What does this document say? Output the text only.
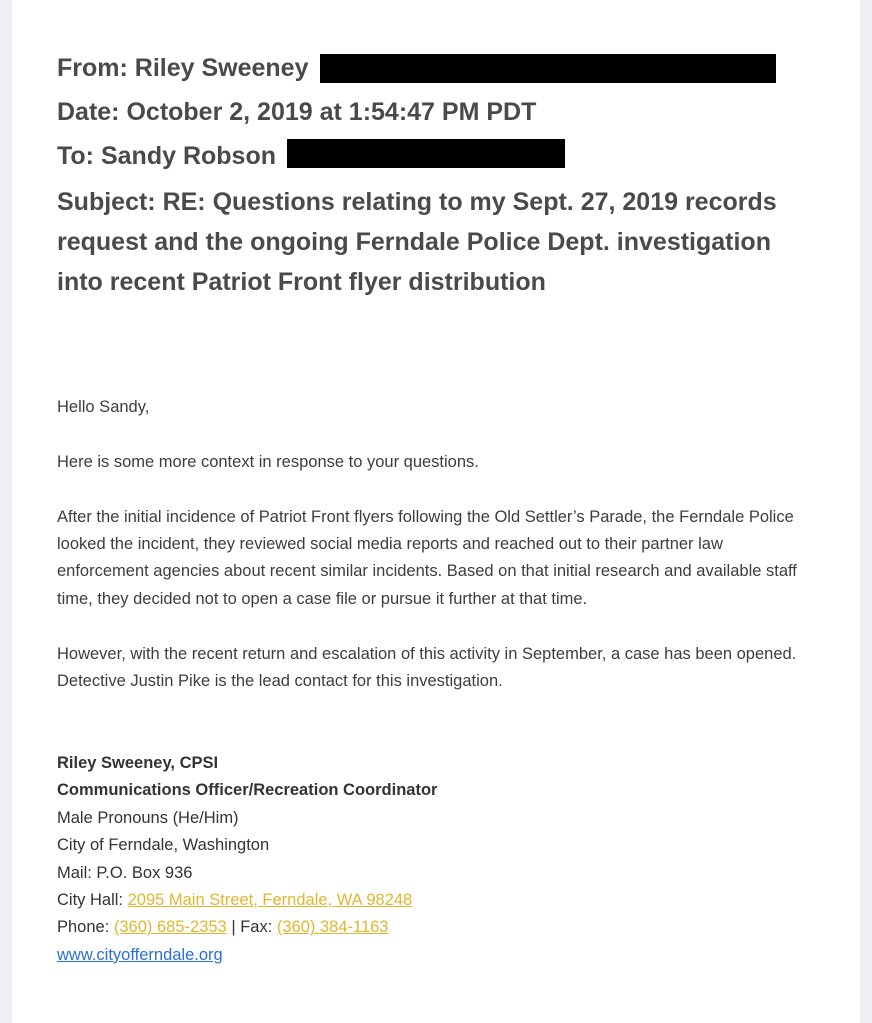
From: Riley Sweeney
Date: October 2, 2019 at 1:54:47 PM PDT
To: Sandy Robson
Subject: RE: Questions relating to my Sept. 27, 2019 records request and the ongoing Ferndale Police Dept. investigation into recent Patriot Front flyer distribution

Hello Sandy,

Here is some more context in response to your questions.

After the initial incidence of Patriot Front flyers following the Old Settler’s Parade, the Ferndale Police looked the incident, they reviewed social media reports and reached out to their partner law enforcement agencies about recent similar incidents. Based on that initial research and available staff time, they decided not to open a case file or pursue it further at that time.

However, with the recent return and escalation of this activity in September, a case has been opened. Detective Justin Pike is the lead contact for this investigation.

Riley Sweeney, CPSI
Communications Officer/Recreation Coordinator
Male Pronouns (He/Him)
City of Ferndale, Washington
Mail: P.O. Box 936
City Hall: 2095 Main Street, Ferndale, WA 98248
Phone: (360) 685-2353 | Fax: (360) 384-1163
www.cityofferndale.org
